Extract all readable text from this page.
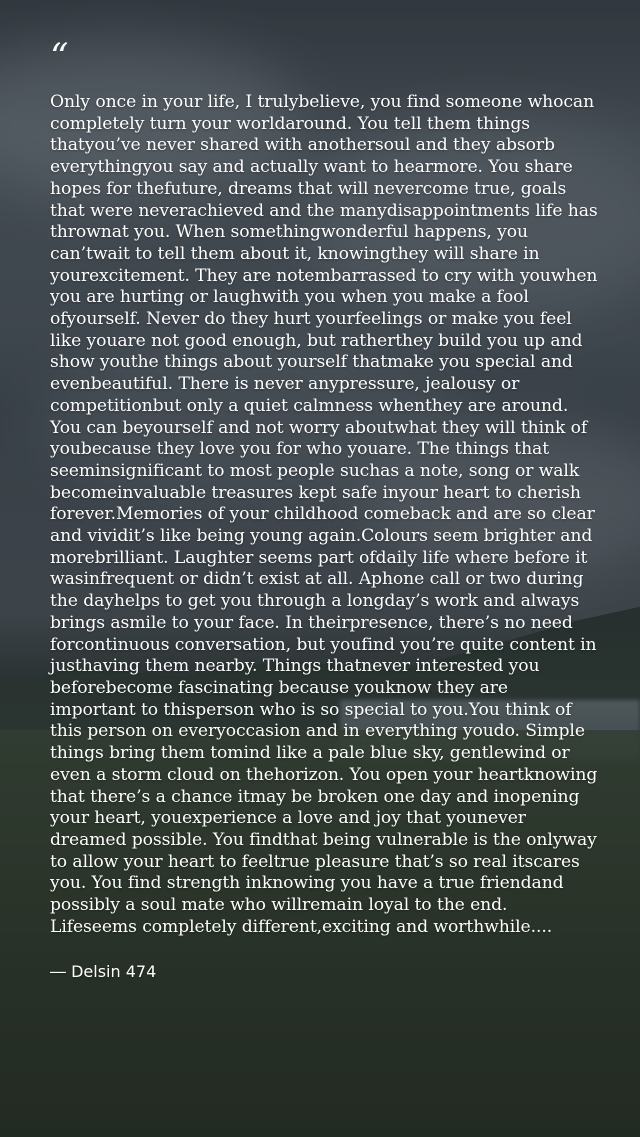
“

Only once in your life, I trulybelieve, you find someone whocan completely turn your worldaround. You tell them things thatyou’ve never shared with anothersoul and they absorb everythingyou say and actually want to hearmore. You share hopes for thefuture, dreams that will nevercome true, goals that were neverachieved and the manydisappointments life has thrownat you. When somethingwonderful happens, you can’twait to tell them about it, knowingthey will share in yourexcitement. They are notembarrassed to cry with youwhen you are hurting or laughwith you when you make a fool ofyourself. Never do they hurt yourfeelings or make you feel like youare not good enough, but ratherthey build you up and show youthe things about yourself thatmake you special and evenbeautiful. There is never anypressure, jealousy or competitionbut only a quiet calmness whenthey are around. You can beyourself and not worry aboutwhat they will think of youbecause they love you for who youare. The things that seeminsignificant to most people suchas a note, song or walk becomeinvaluable treasures kept safe inyour heart to cherish forever.Memories of your childhood comeback and are so clear and vividit’s like being young again.Colours seem brighter and morebrilliant. Laughter seems part ofdaily life where before it wasinfrequent or didn’t exist at all. Aphone call or two during the dayhelps to get you through a longday’s work and always brings asmile to your face. In theirpresence, there’s no need forcontinuous conversation, but youfind you’re quite content in justhaving them nearby. Things thatnever interested you beforebecome fascinating because youknow they are important to thisperson who is so special to you.You think of this person on everyoccasion and in everything youdo. Simple things bring them tomind like a pale blue sky, gentlewind or even a storm cloud on thehorizon. You open your heartknowing that there’s a chance itmay be broken one day and inopening your heart, youexperience a love and joy that younever dreamed possible. You findthat being vulnerable is the onlyway to allow your heart to feeltrue pleasure that’s so real itscares you. You find strength inknowing you have a true friendand possibly a soul mate who willremain loyal to the end. Lifeseems completely different,exciting and worthwhile....

― Delsin 474
